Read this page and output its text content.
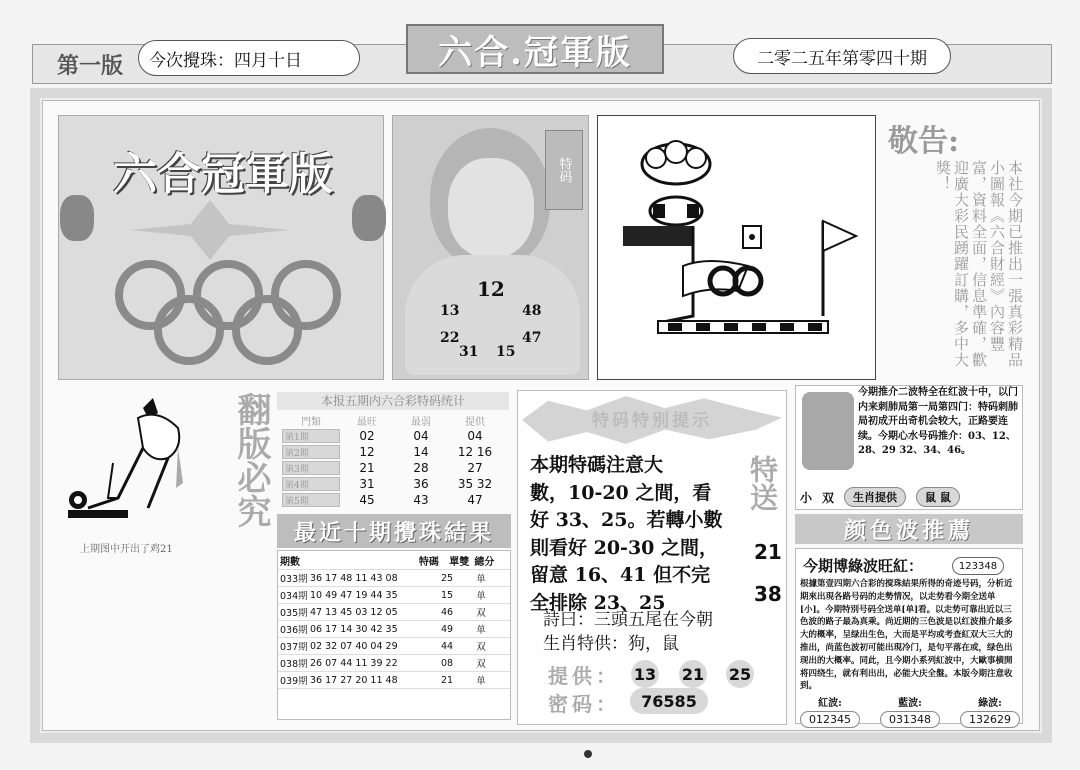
第一版	今次攪珠：四月十日	六合.冠軍版	二零二五年第零四十期
六合冠軍版	特码
12
13	48
22	47
31 15
敬告:
本社今期已推出一張真彩精品小圖報《六合財經》內容豐富，資料全面，信息準確，歡迎廣大彩民踴躍訂購，多中大獎！
上期图中开出了鸡21
翻版必究	本报五期内六合彩特码统计
門類	最旺	最弱	提供
第1期	02	04	04
第2期	12	14	12 16
第3期	21	28	27
第4期	31	36	35 32
第5期	45	43	47
最近十期攪珠結果
期數	特碼	單雙 總分
033期 36 17 48 11 43 08	25	单
034期 10 49 47 19 44 35	15	单
035期 47 13 45 03 12 05	46	双
036期 06 17 14 30 42 35	49	单
037期 02 32 07 40 04 29	44	双
038期 26 07 44 11 39 22	08	双
039期 36 17 27 20 11 48	21	单
特码特别提示

本期特碼注意大

數，10-20 之間，看

好 33、25。若轉小數

則看好 20-30 之間，

留意 16、41 但不完

全排除 23、25

特送
21
38

詩曰：三頭五尾在今朝

生肖特供：狗，鼠

提供： 13 21 25
密码：	76585
今期推介二波特全在红波十中，以门内来刺肺局第一局第四门：特码刺肺局初成开出奇机会较大，正路要连续。今期心水号码推介：03、12、28、29 32、34、46。
小 双	生肖提供	鼠 鼠
颜色波推薦
今期博綠波旺紅：	123348
根據第壹四期六合彩的搅珠結果所得的奇迹号码，分析近期來出現各路号码的走勢情况，以走势看今期全送单[小]。今期特別号码全送单[单]看。以走势可靠出近以三色波的路子最為真乘。尚近期的三色波是以红波推介最多大的概率，呈绿出生色，大而是平均或考查紅双大三大的推出，尚蓝色波初可能出現冷门，是句平落在或，绿色出现出的大概率。同此，且今期小系列紅波中，大歐事横開将四绕生，就有利出出，必能大庆全盤。本版今期注意收到。
紅波:
012345
藍波:
031348
綠波:
132629
